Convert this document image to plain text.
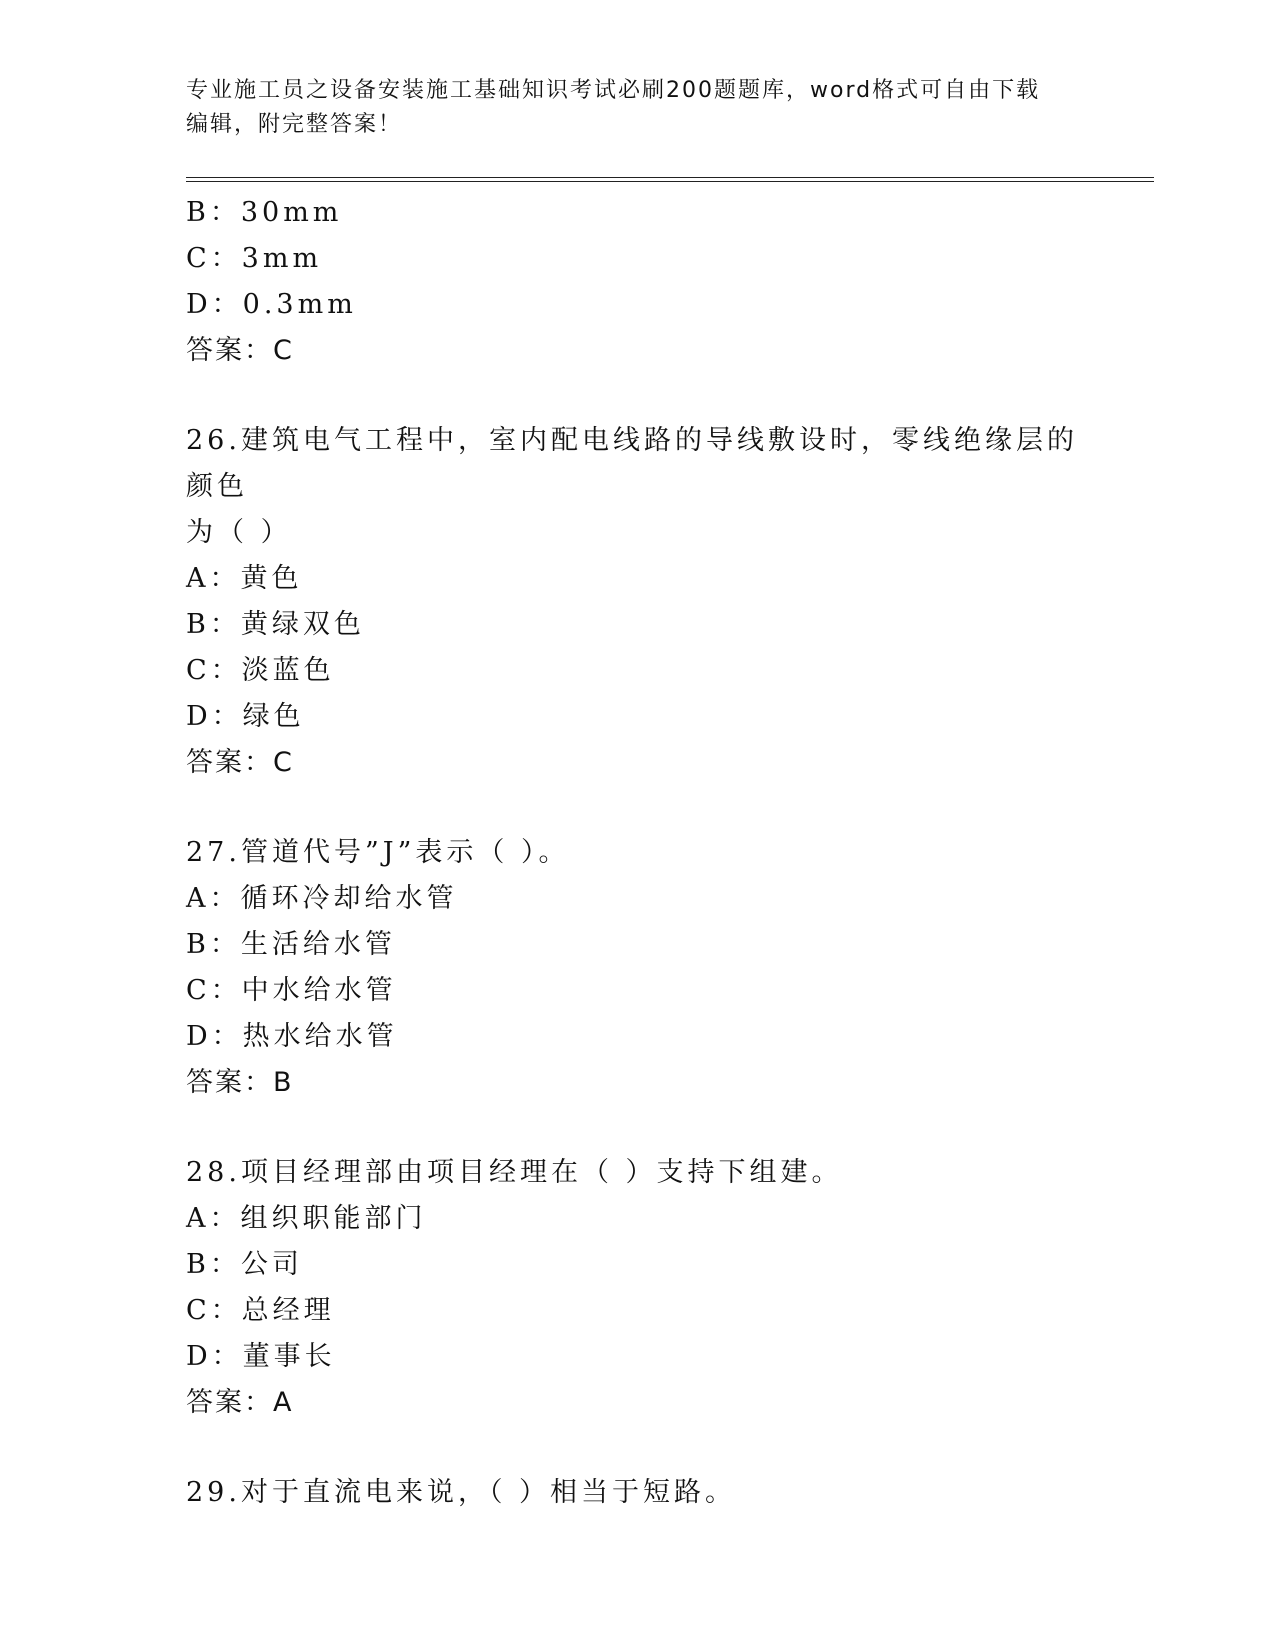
专业施工员之设备安装施工基础知识考试必刷200题题库，word格式可自由下载
编辑，附完整答案！
B：30mm
C：3mm
D：0.3mm
答案：C
26.建筑电气工程中，室内配电线路的导线敷设时，零线绝缘层的颜色
为（ ）
A：黄色
B：黄绿双色
C：淡蓝色
D：绿色
答案：C
27.管道代号”J”表示（ ）。
A：循环冷却给水管
B：生活给水管
C：中水给水管
D：热水给水管
答案：B
28.项目经理部由项目经理在（ ）支持下组建。
A：组织职能部门
B：公司
C：总经理
D：董事长
答案：A
29.对于直流电来说，（ ）相当于短路。
